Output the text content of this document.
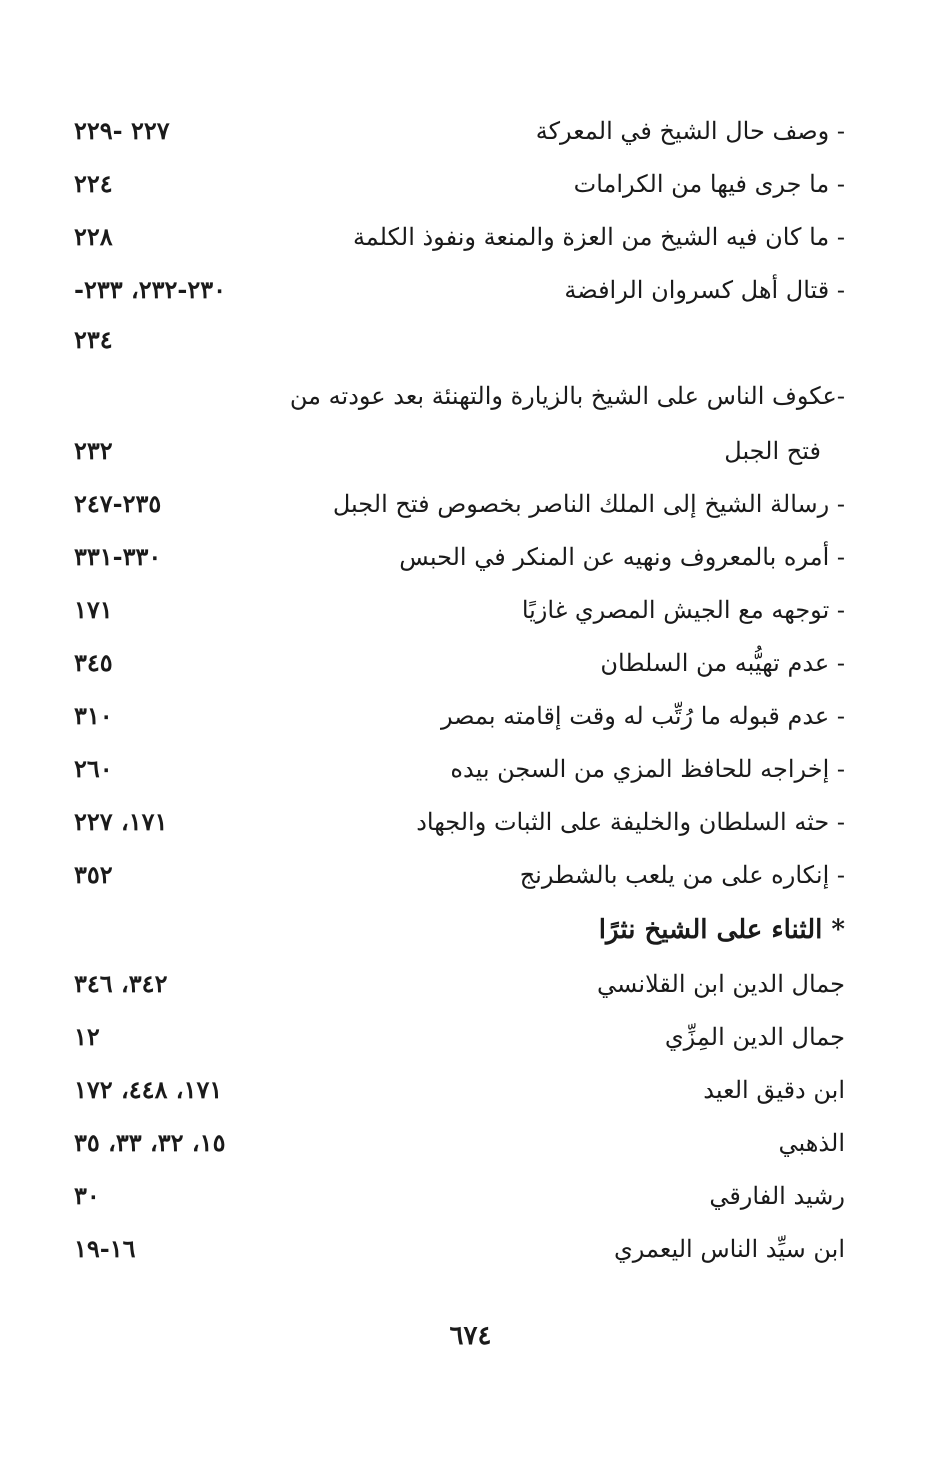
- وصف حال الشيخ في المعركة
٢٢٧ -٢٢٩
- ما جرى فيها من الكرامات
٢٢٤
- ما كان فيه الشيخ من العزة والمنعة ونفوذ الكلمة
٢٢٨
- قتال أهل كسروان الرافضة
٢٣٠-٢٣٢، ٢٣٣-
٢٣٤
-عكوف الناس على الشيخ بالزيارة والتهنئة بعد عودته من
فتح الجبل
٢٣٢
- رسالة الشيخ إلى الملك الناصر بخصوص فتح الجبل
٢٣٥-٢٤٧
- أمره بالمعروف ونهيه عن المنكر في الحبس
٣٣٠-٣٣١
- توجهه مع الجيش المصري غازيًا
١٧١
- عدم تهيُّبه من السلطان
٣٤٥
- عدم قبوله ما رُتِّب له وقت إقامته بمصر
٣١٠
- إخراجه للحافظ المزي من السجن بيده
٢٦٠
- حثه السلطان والخليفة على الثبات والجهاد
١٧١، ٢٢٧
- إنكاره على من يلعب بالشطرنج
٣٥٢
* الثناء على الشيخ نثرًا
جمال الدين ابن القلانسي
٣٤٢، ٣٤٦
جمال الدين المِزِّي
١٢
ابن دقيق العيد
١٧١، ٤٤٨، ١٧٢
الذهبي
١٥، ٣٢، ٣٣، ٣٥
رشيد الفارقي
٣٠
ابن سيِّد الناس اليعمري
١٦-١٩
٦٧٤
